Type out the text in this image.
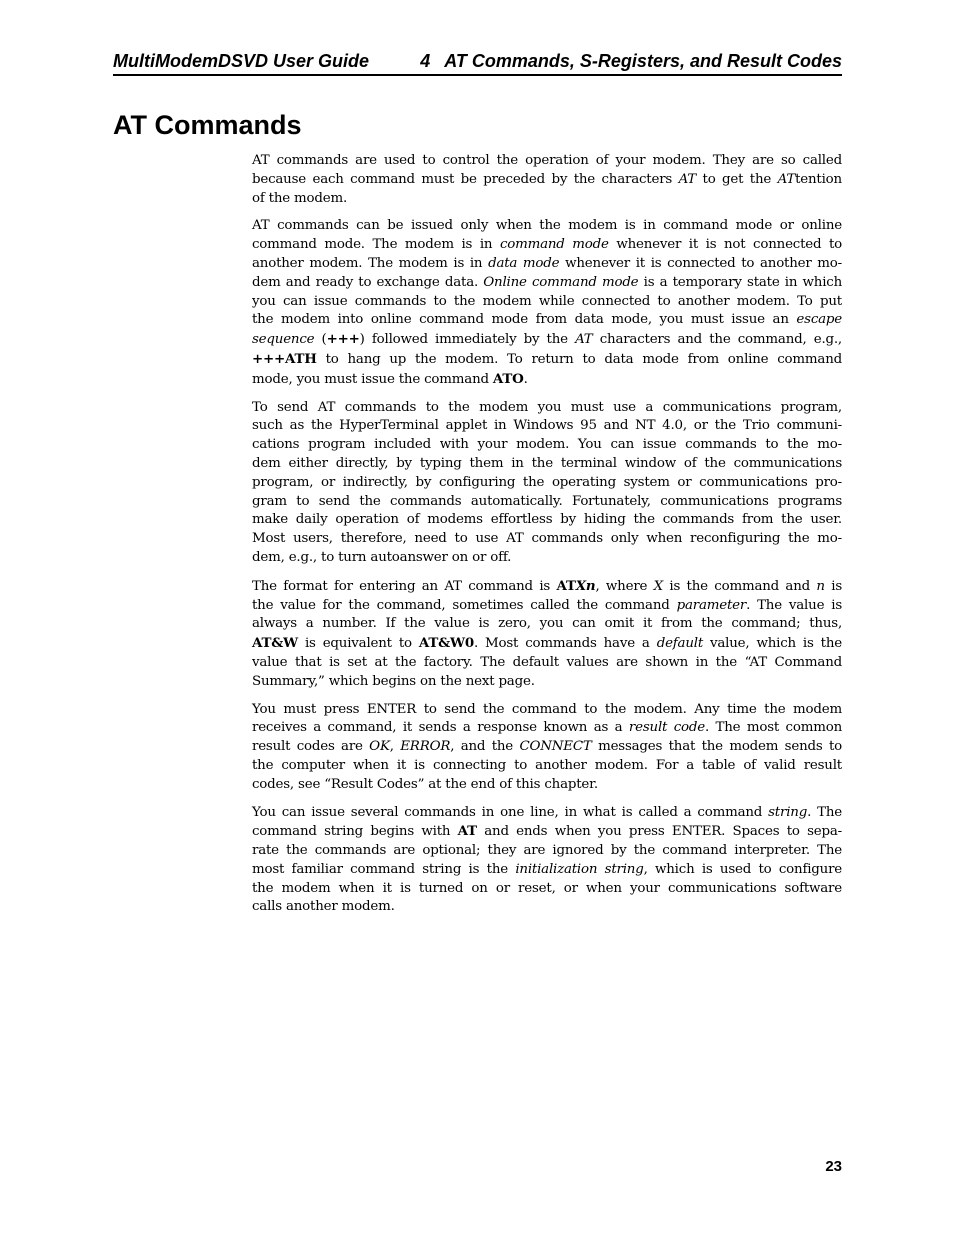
MultiModemDSVD User Guide	4 AT Commands, S-Registers, and Result Codes
AT Commands

AT commands are used to control the operation of your modem. They are so called
because each command must be preceded by the characters AT to get the ATtention
of the modem.

AT commands can be issued only when the modem is in command mode or online
command mode. The modem is in command mode whenever it is not connected to
another modem. The modem is in data mode whenever it is connected to another mo-
dem and ready to exchange data. Online command mode is a temporary state in which
you can issue commands to the modem while connected to another modem. To put
the modem into online command mode from data mode, you must issue an escape
sequence (+++) followed immediately by the AT characters and the command, e.g.,
+++ATH to hang up the modem. To return to data mode from online command
mode, you must issue the command ATO.

To send AT commands to the modem you must use a communications program,
such as the HyperTerminal applet in Windows 95 and NT 4.0, or the Trio communi-
cations program included with your modem. You can issue commands to the mo-
dem either directly, by typing them in the terminal window of the communications
program, or indirectly, by configuring the operating system or communications pro-
gram to send the commands automatically. Fortunately, communications programs
make daily operation of modems effortless by hiding the commands from the user.
Most users, therefore, need to use AT commands only when reconfiguring the mo-
dem, e.g., to turn autoanswer on or off.

The format for entering an AT command is ATXn, where X is the command and n is
the value for the command, sometimes called the command parameter. The value is
always a number. If the value is zero, you can omit it from the command; thus,
AT&W is equivalent to AT&W0. Most commands have a default value, which is the
value that is set at the factory. The default values are shown in the “AT Command
Summary,” which begins on the next page.

You must press ENTER to send the command to the modem. Any time the modem
receives a command, it sends a response known as a result code. The most common
result codes are OK, ERROR, and the CONNECT messages that the modem sends to
the computer when it is connecting to another modem. For a table of valid result
codes, see “Result Codes” at the end of this chapter.

You can issue several commands in one line, in what is called a command string. The
command string begins with AT and ends when you press ENTER. Spaces to sepa-
rate the commands are optional; they are ignored by the command interpreter. The
most familiar command string is the initialization string, which is used to configure
the modem when it is turned on or reset, or when your communications software
calls another modem.

23
